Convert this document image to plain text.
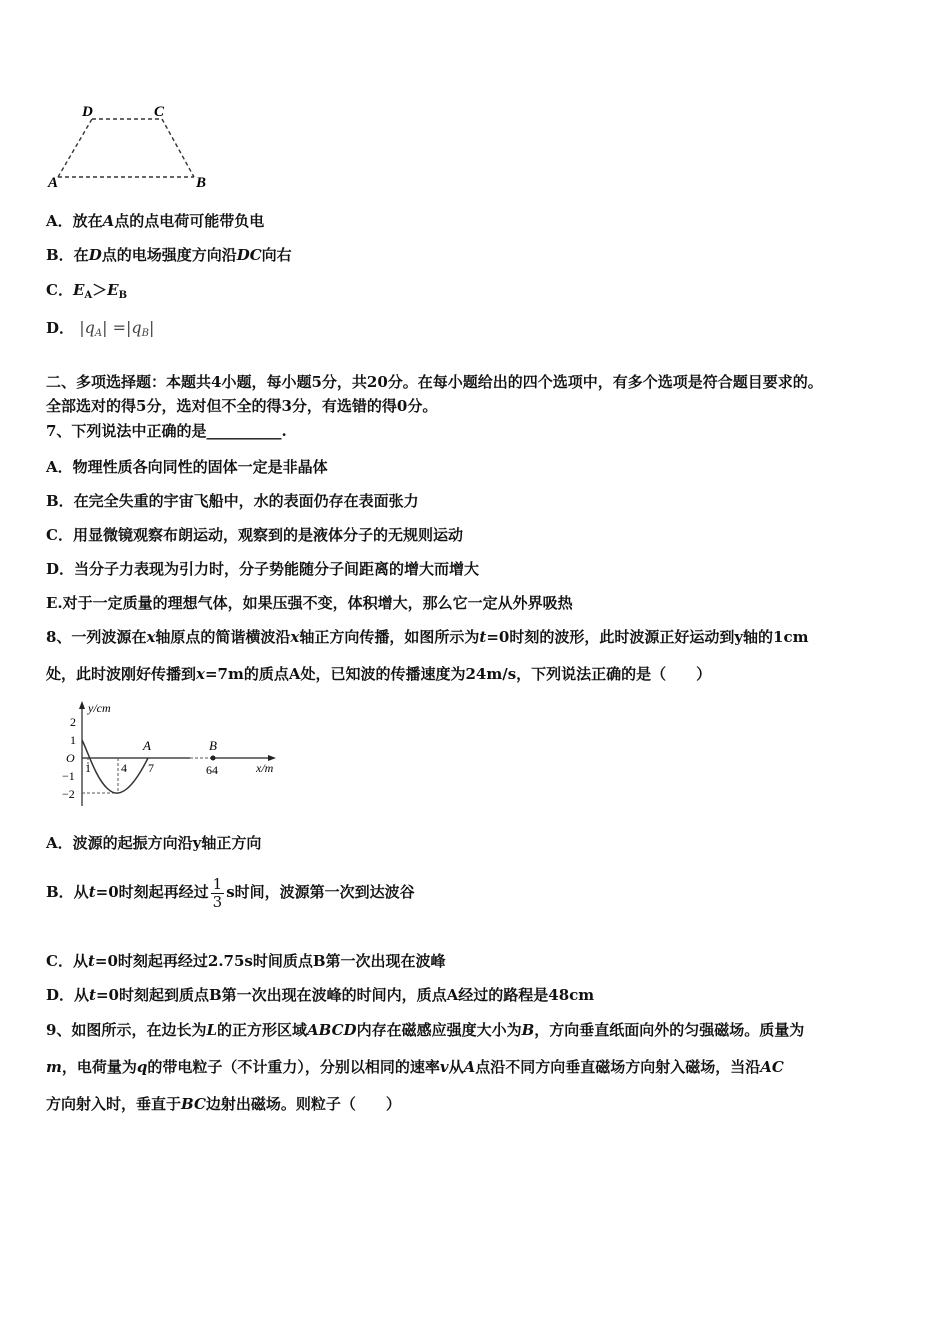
D	C
A	B
A．放在A点的点电荷可能带负电
B．在D点的电场强度方向沿DC向右
C．$E_A>E_B$
D． $|q_A| =|q_B|$
二、多项选择题：本题共4小题，每小题5分，共20分。在每小题给出的四个选项中，有多个选项是符合题目要求的。
全部选对的得5分，选对但不全的得3分，有选错的得0分。
7、下列说法中正确的是__________.
A．物理性质各向同性的固体一定是非晶体
B．在完全失重的宇宙飞船中，水的表面仍存在表面张力
C．用显微镜观察布朗运动，观察到的是液体分子的无规则运动
D．当分子力表现为引力时，分子势能随分子间距离的增大而增大
E.对于一定质量的理想气体，如果压强不变，体积增大，那么它一定从外界吸热
8、一列波源在x轴原点的简谐横波沿x轴正方向传播，如图所示为t=0时刻的波形，此时波源正好运动到y轴的1cm
处，此时波刚好传播到x=7m的质点A处，已知波的传播速度为24m/s，下列说法正确的是（　　）
y/cm
x/m
2
1
O
−1
−2
1	4 7
A	B
64
A．波源的起振方向沿y轴正方向
B．从t=0时刻起再经过 $\frac{1}{3}$ s时间，波源第一次到达波谷
C．从t=0时刻起再经过2.75s时间质点B第一次出现在波峰
D．从t=0时刻起到质点B第一次出现在波峰的时间内，质点A经过的路程是48cm
9、如图所示，在边长为L的正方形区域ABCD内存在磁感应强度大小为B，方向垂直纸面向外的匀强磁场。质量为
m，电荷量为q的带电粒子（不计重力），分别以相同的速率v从A点沿不同方向垂直磁场方向射入磁场，当沿AC
方向射入时，垂直于BC边射出磁场。则粒子（　　）
